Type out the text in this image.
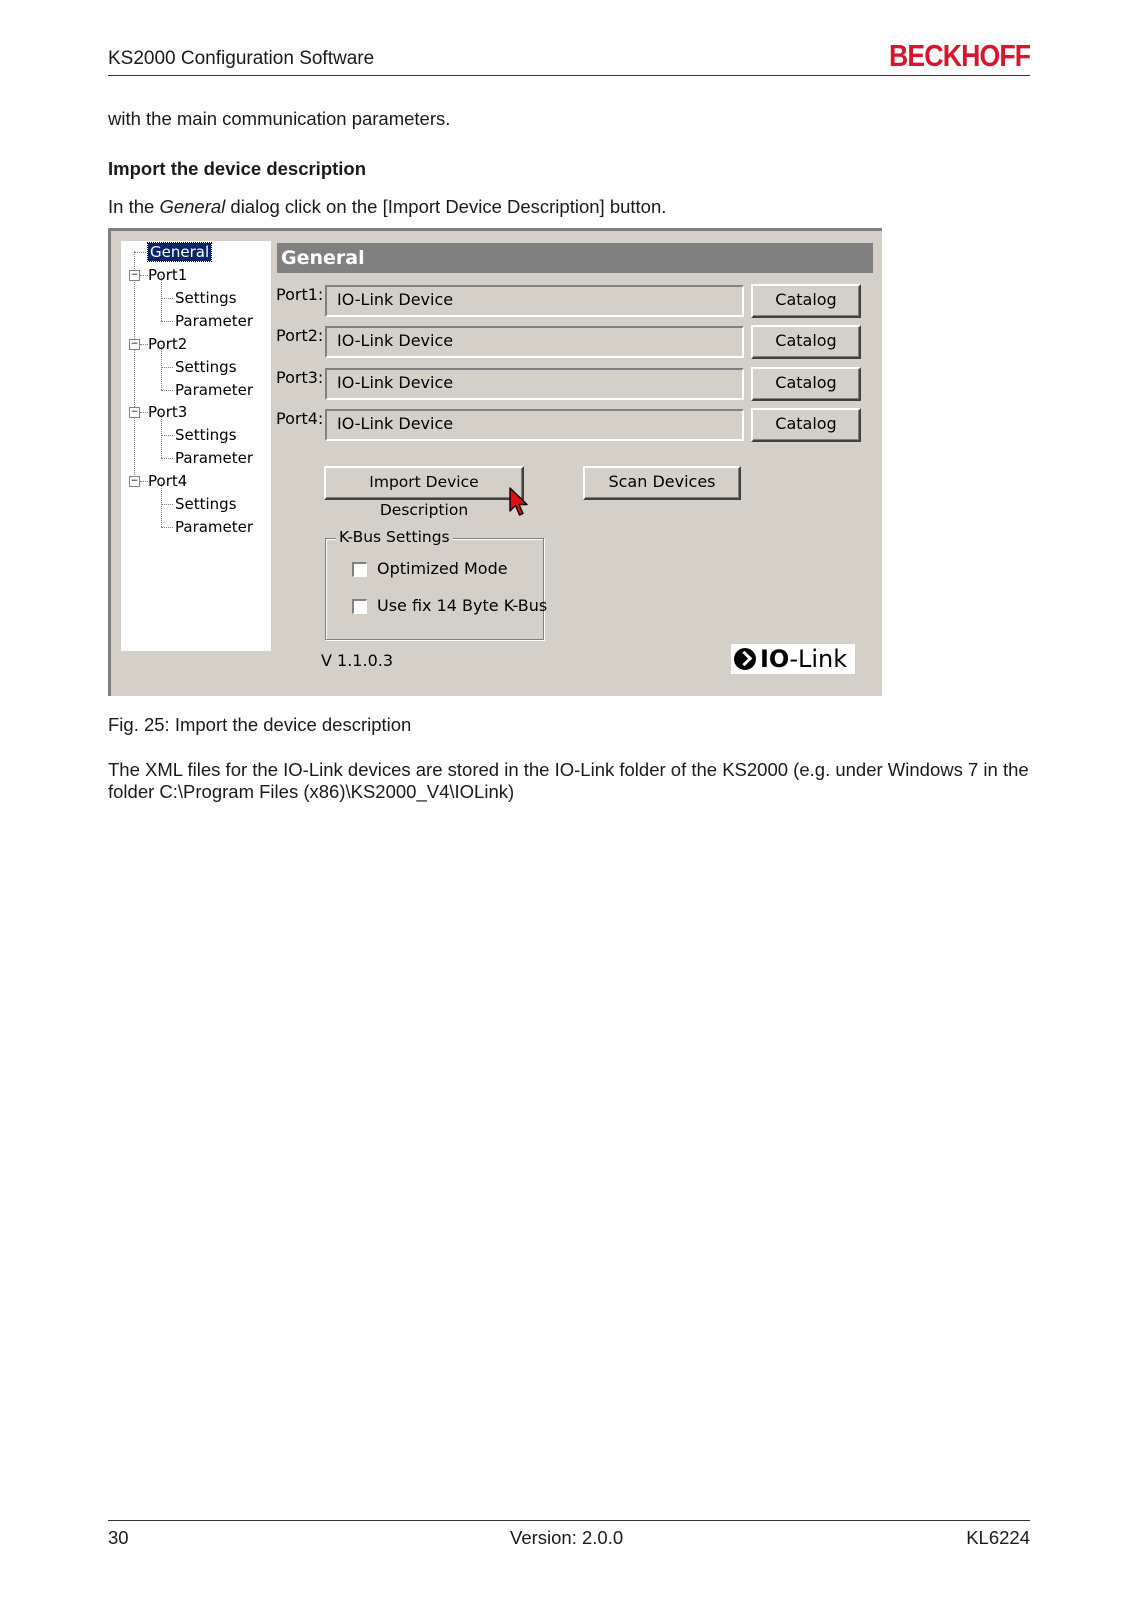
KS2000 Configuration Software	BECKHOFF
with the main communication parameters.
Import the device description
In the General dialog click on the [Import Device Description] button.
General
− Port1
Settings
Parameter
− Port2
Settings
Parameter
− Port3
Settings
Parameter
− Port4
Settings
Parameter
General
Port1: IO-Link Device	Catalog
Port2: IO-Link Device	Catalog
Port3: IO-Link Device	Catalog
Port4: IO-Link Device	Catalog
Import Device Description
Scan Devices
K-Bus Settings
Optimized Mode
Use fix 14 Byte K-Bus
V 1.1.0.3	IO-Link
Fig. 25: Import the device description
The XML files for the IO-Link devices are stored in the IO-Link folder of the KS2000 (e.g. under Windows 7 in the folder C:\Program Files (x86)\KS2000_V4\IOLink)
30	Version: 2.0.0	KL6224
